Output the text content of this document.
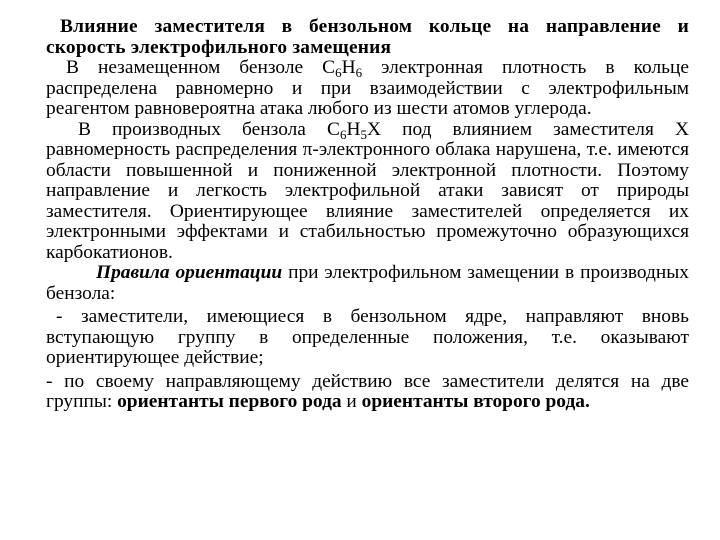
Влияние заместителя в бензольном кольце на направление и скорость электрофильного замещения

В незамещенном бензоле $С_6Н_6$ электронная плотность в кольце распределена равномерно и при взаимодействии с электрофильным реагентом равновероятна атака любого из шести атомов углерода.

В производных бензола $С_6Н_5Х$ под влиянием заместителя Х равномерность распределения π-электронного облака нарушена, т.е. имеются области повышенной и пониженной электронной плотности. Поэтому направление и легкость электрофильной атаки зависят от природы заместителя. Ориентирующее влияние заместителей определяется их электронными эффектами и стабильностью промежуточно образующихся карбокатионов.

Правила ориентации при электрофильном замещении в производных бензола:

- заместители, имеющиеся в бензольном ядре, направляют вновь вступающую группу в определенные положения, т.е. оказывают ориентирующее действие;

- по своему направляющему действию все заместители делятся на две группы: ориентанты первого рода и ориентанты второго рода.
